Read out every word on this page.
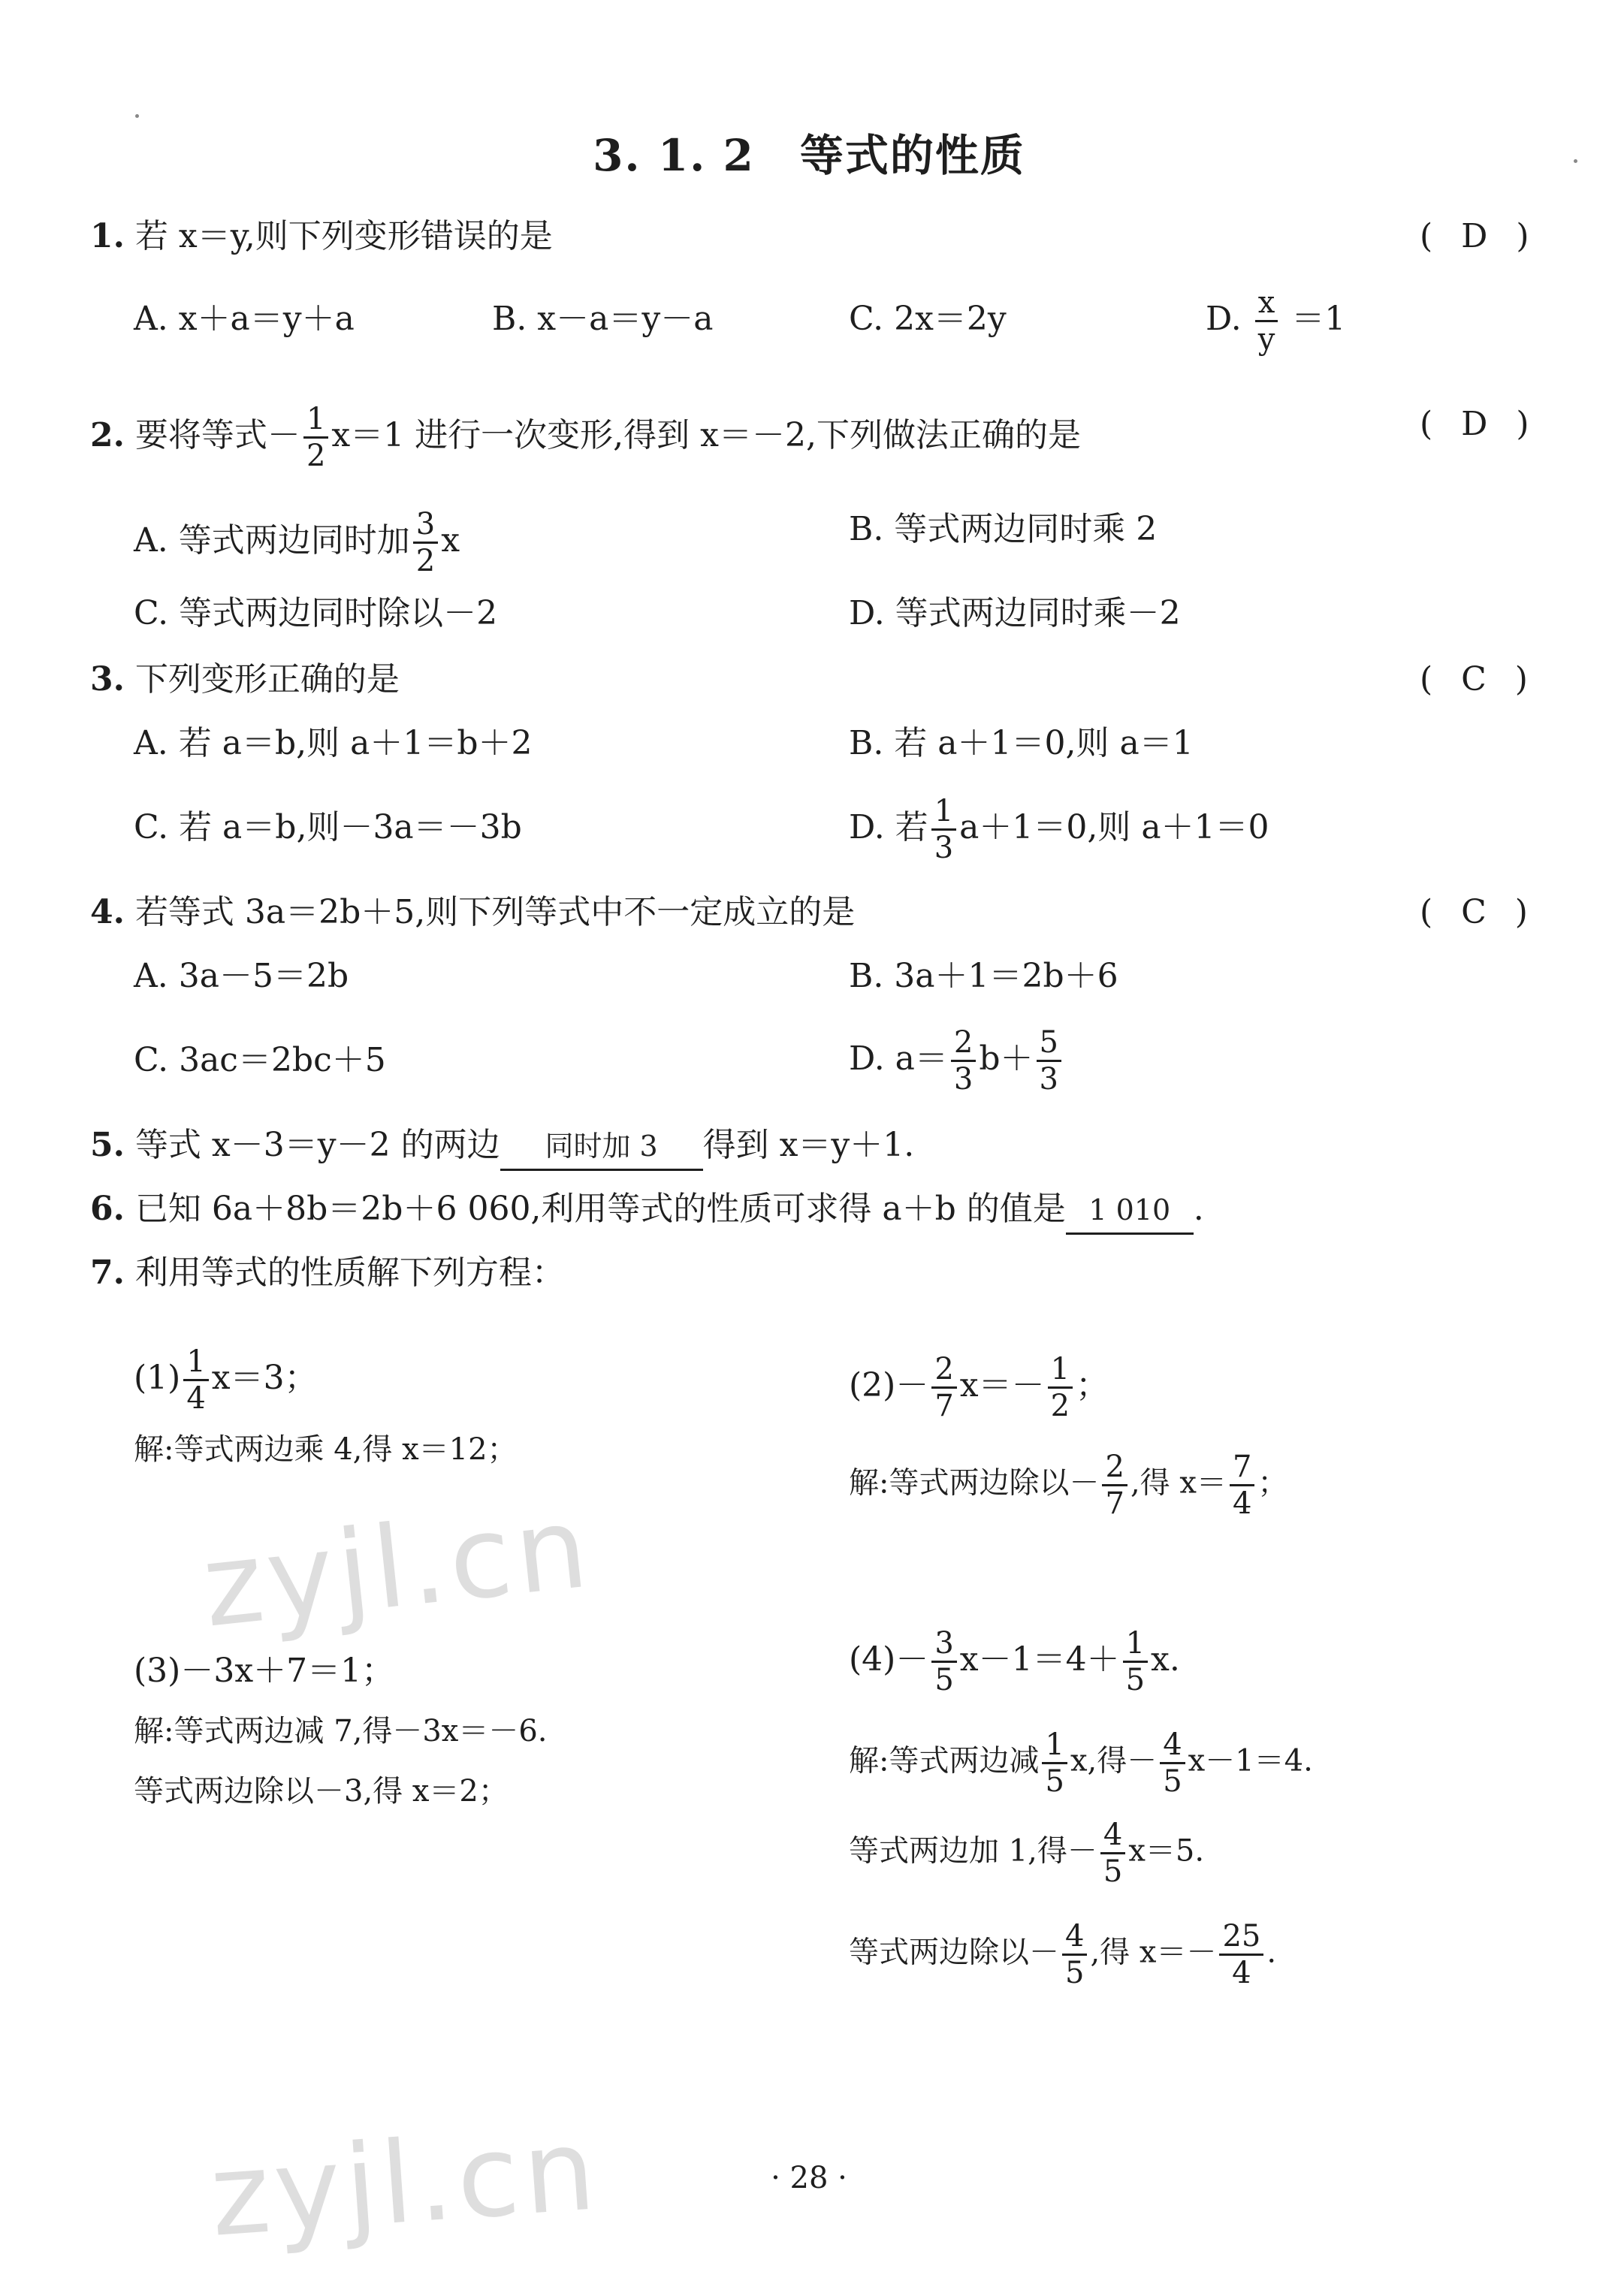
3. 1. 2　等式的性质
1. 若 x＝y,则下列变形错误的是	( D )
A. x＋a＝y＋a	B. x－a＝y－a	C. 2x＝2y	D. $\frac{x}{y} =1$
2. 要将等式－ $\frac{1}{2} x=1$ 进行一次变形,得到 x＝－2,下列做法正确的是	( D )
A. 等式两边同时加 $\frac{3}{2}$ x	B. 等式两边同时乘 2
C. 等式两边同时除以－2	D. 等式两边同时乘－2
3. 下列变形正确的是	( C )
A. 若 a＝b,则 a＋1＝b＋2	B. 若 a＋1＝0,则 a＝1
C. 若 a＝b,则－3a＝－3b	D. 若 $\frac{1}{3} a+1=0$,则 a＋1＝0
4. 若等式 3a＝2b＋5,则下列等式中不一定成立的是	( C )
A. 3a－5＝2b	B. 3a＋1＝2b＋6
C. 3ac＝2bc＋5	D. $a= \frac{2}{3} b+ \frac{5}{3}$
5. 等式 x－3＝y－2 的两边 同时加 3 得到 x＝y＋1.
6. 已知 6a＋8b＝2b＋6 060,利用等式的性质可求得 a＋b 的值是 1 010 .
7. 利用等式的性质解下列方程：
$(1) \frac{1}{4} x=3$；
解:等式两边乘 4,得 x＝12；
$(2)- \frac{2}{7} x=- \frac{1}{2}$ ；
解:等式两边除以－ $\frac{2}{7}$ ,得 $x= \frac{7}{4}$ ；
(3)－3x＋7＝1；
解:等式两边减 7,得－3x＝－6.
等式两边除以－3,得 x＝2；
$(4)- \frac{3}{5} x-1=4+ \frac{1}{5} x$.
解:等式两边减 $\frac{1}{5} x$,得－ $\frac{4}{5} x-1=4$.
等式两边加 1,得－ $\frac{4}{5} x=5$.
等式两边除以－ $\frac{4}{5}$ ,得 $x=- \frac{25}{4}$ .
zyjl.cn
zyjl.cn	· 28 ·
